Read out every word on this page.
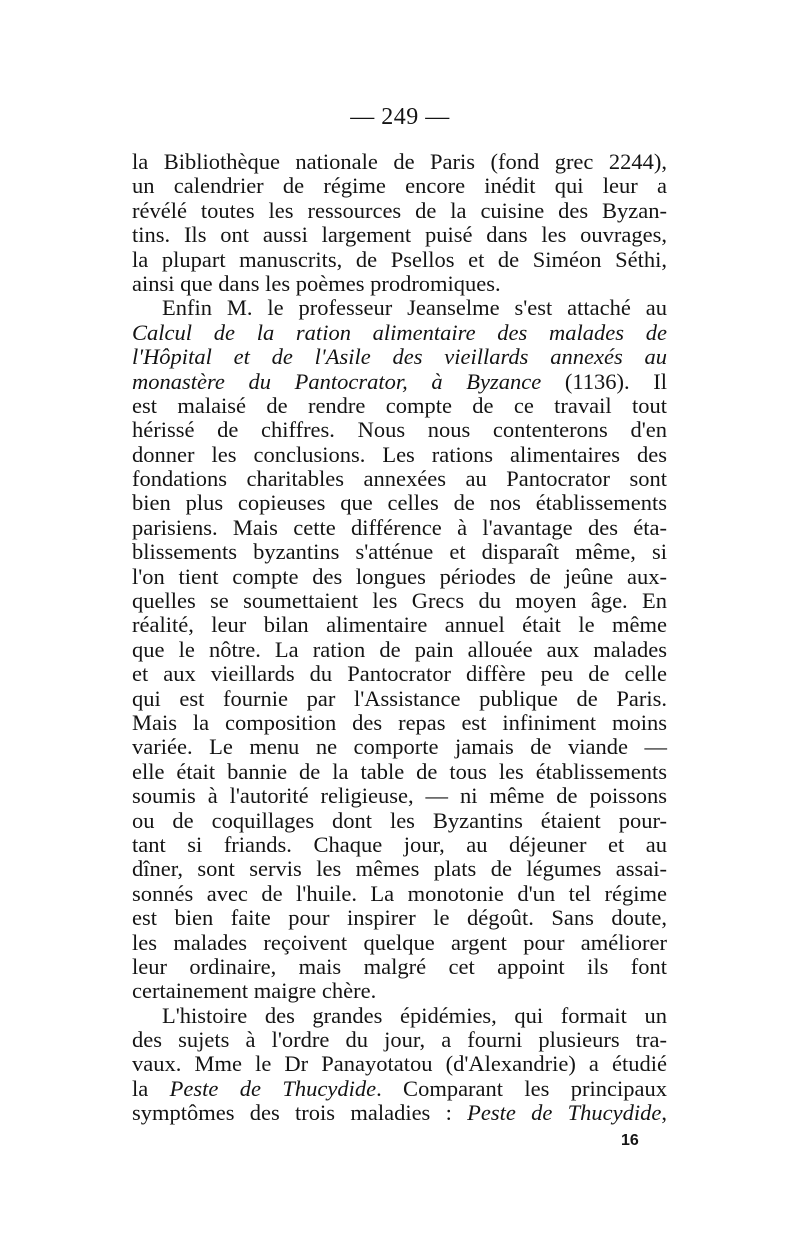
— 249 —
la Bibliothèque nationale de Paris (fond grec 2244),
un calendrier de régime encore inédit qui leur a
révélé toutes les ressources de la cuisine des Byzan-
tins. Ils ont aussi largement puisé dans les ouvrages,
la plupart manuscrits, de Psellos et de Siméon Séthi,
ainsi que dans les poèmes prodromiques.
Enfin M. le professeur Jeanselme s'est attaché au
Calcul de la ration alimentaire des malades de
l'Hôpital et de l'Asile des vieillards annexés au
monastère du Pantocrator, à Byzance (1136). Il
est malaisé de rendre compte de ce travail tout
hérissé de chiffres. Nous nous contenterons d'en
donner les conclusions. Les rations alimentaires des
fondations charitables annexées au Pantocrator sont
bien plus copieuses que celles de nos établissements
parisiens. Mais cette différence à l'avantage des éta-
blissements byzantins s'atténue et disparaît même, si
l'on tient compte des longues périodes de jeûne aux-
quelles se soumettaient les Grecs du moyen âge. En
réalité, leur bilan alimentaire annuel était le même
que le nôtre. La ration de pain allouée aux malades
et aux vieillards du Pantocrator diffère peu de celle
qui est fournie par l'Assistance publique de Paris.
Mais la composition des repas est infiniment moins
variée. Le menu ne comporte jamais de viande —
elle était bannie de la table de tous les établissements
soumis à l'autorité religieuse, — ni même de poissons
ou de coquillages dont les Byzantins étaient pour-
tant si friands. Chaque jour, au déjeuner et au
dîner, sont servis les mêmes plats de légumes assai-
sonnés avec de l'huile. La monotonie d'un tel régime
est bien faite pour inspirer le dégoût. Sans doute,
les malades reçoivent quelque argent pour améliorer
leur ordinaire, mais malgré cet appoint ils font
certainement maigre chère.
L'histoire des grandes épidémies, qui formait un
des sujets à l'ordre du jour, a fourni plusieurs tra-
vaux. Mme le Dr Panayotatou (d'Alexandrie) a étudié
la Peste de Thucydide. Comparant les principaux
symptômes des trois maladies : Peste de Thucydide,
16
